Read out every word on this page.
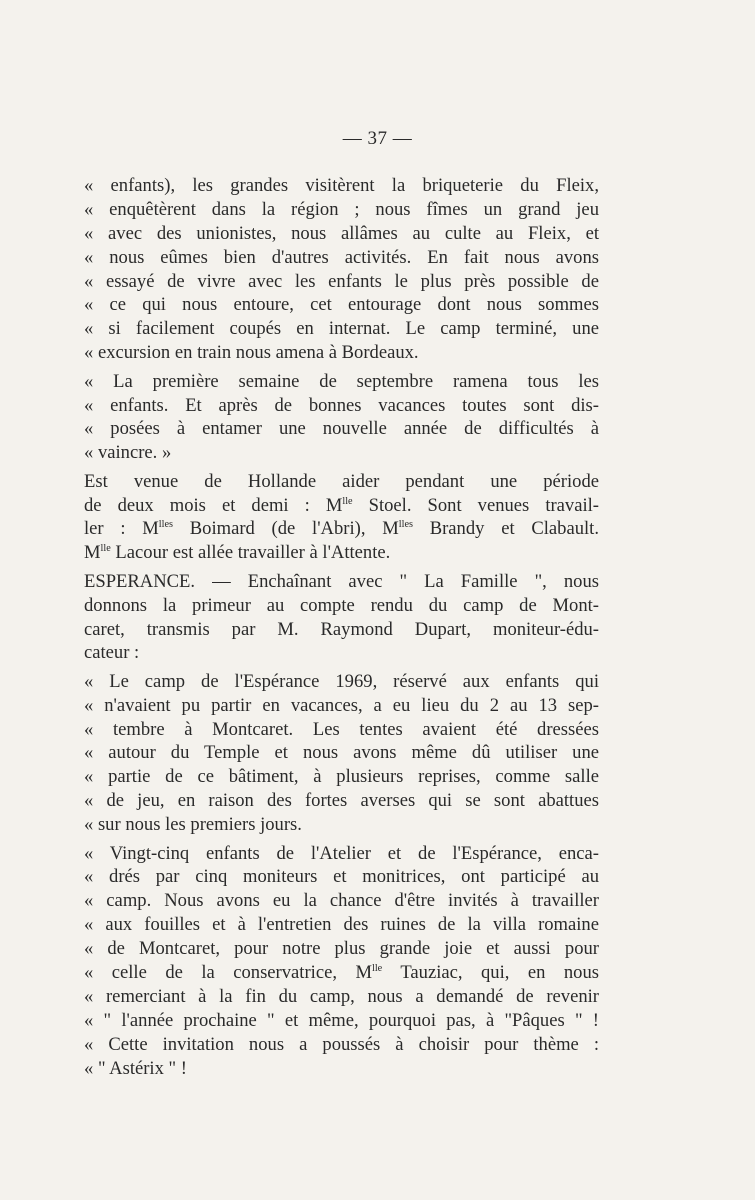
— 37 —
« enfants), les grandes visitèrent la briqueterie du Fleix,
« enquêtèrent dans la région ; nous fîmes un grand jeu
« avec des unionistes, nous allâmes au culte au Fleix, et
« nous eûmes bien d'autres activités. En fait nous avons
« essayé de vivre avec les enfants le plus près possible de
« ce qui nous entoure, cet entourage dont nous sommes
« si facilement coupés en internat. Le camp terminé, une
« excursion en train nous amena à Bordeaux.
« La première semaine de septembre ramena tous les
« enfants. Et après de bonnes vacances toutes sont dis-
« posées à entamer une nouvelle année de difficultés à
« vaincre. »
Est venue de Hollande aider pendant une période
de deux mois et demi : $M^{lle}$ Stoel. Sont venues travail-
ler : $M^{lles}$ Boimard (de l'Abri), $M^{lles}$ Brandy et Clabault.
$M^{lle}$ Lacour est allée travailler à l'Attente.
ESPERANCE. — Enchaînant avec " La Famille ", nous
donnons la primeur au compte rendu du camp de Mont-
caret, transmis par M. Raymond Dupart, moniteur-édu-
cateur :
« Le camp de l'Espérance 1969, réservé aux enfants qui
« n'avaient pu partir en vacances, a eu lieu du 2 au 13 sep-
« tembre à Montcaret. Les tentes avaient été dressées
« autour du Temple et nous avons même dû utiliser une
« partie de ce bâtiment, à plusieurs reprises, comme salle
« de jeu, en raison des fortes averses qui se sont abattues
« sur nous les premiers jours.
« Vingt-cinq enfants de l'Atelier et de l'Espérance, enca-
« drés par cinq moniteurs et monitrices, ont participé au
« camp. Nous avons eu la chance d'être invités à travailler
« aux fouilles et à l'entretien des ruines de la villa romaine
« de Montcaret, pour notre plus grande joie et aussi pour
« celle de la conservatrice, $M^{lle}$ Tauziac, qui, en nous
« remerciant à la fin du camp, nous a demandé de revenir
« " l'année prochaine " et même, pourquoi pas, à "Pâques " !
« Cette invitation nous a poussés à choisir pour thème :
« " Astérix " !
